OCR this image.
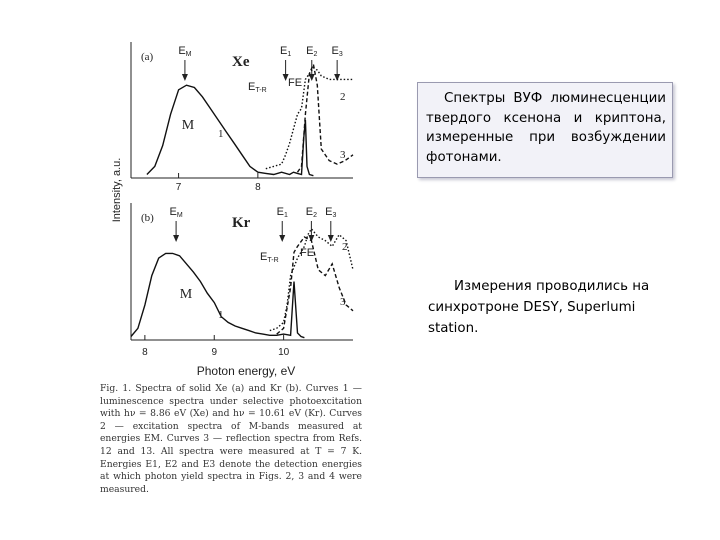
Intensity, a.u.
Photon energy, eV
(a)	Xe
7	8
EM	E1 E2 E3
M
ET-R
FE
1
2
3
(b)	Kr
8	9	10
EM	E1 E2 E3
M
ET-R
FE
1
2
3
Fig. 1. Spectra of solid Xe (a) and Kr (b). Curves 1 — luminescence spectra under selective photoexcitation with hν = 8.86 eV (Xe) and hν = 10.61 eV (Kr). Curves 2 — excitation spectra of M-bands measured at energies EM. Curves 3 — reflection spectra from Refs. 12 and 13. All spectra were measured at T = 7 K. Energies E1, E2 and E3 denote the detection energies at which photon yield spectra in Figs. 2, 3 and 4 were measured.
Спектры ВУФ люминесценции твердого ксенона и криптона, измеренные при возбуждении фотонами.
Измерения проводились на синхротроне DESY, Superlumi station.
